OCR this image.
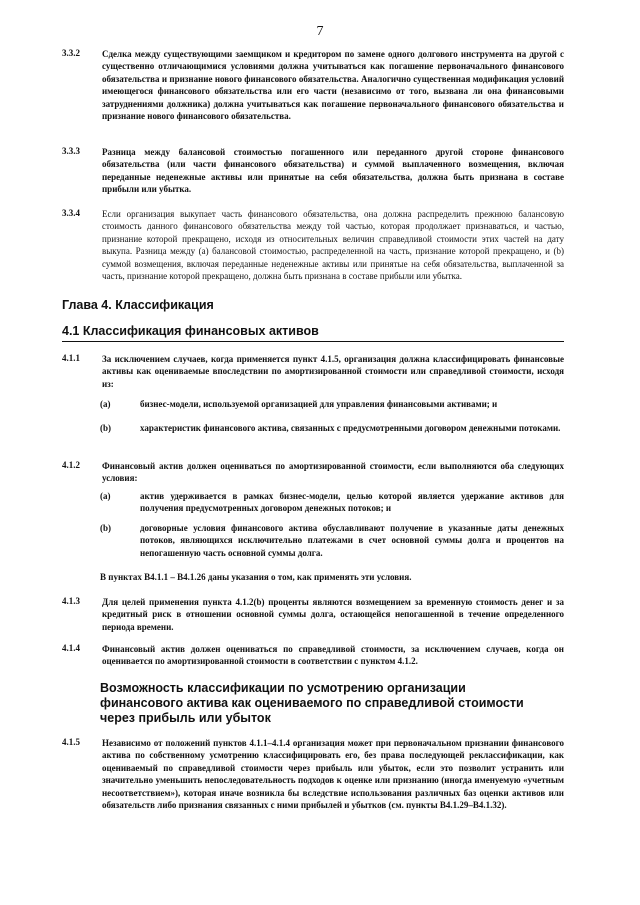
7
3.3.2 Сделка между существующими заемщиком и кредитором по замене одного долгового инструмента на другой с существенно отличающимися условиями должна учитываться как погашение первоначального финансового обязательства и признание нового финансового обязательства. Аналогично существенная модификация условий имеющегося финансового обязательства или его части (независимо от того, вызвана ли она финансовыми затруднениями должника) должна учитываться как погашение первоначального финансового обязательства и признание нового финансового обязательства.
3.3.3 Разница между балансовой стоимостью погашенного или переданного другой стороне финансового обязательства (или части финансового обязательства) и суммой выплаченного возмещения, включая переданные неденежные активы или принятые на себя обязательства, должна быть признана в составе прибыли или убытка.
3.3.4 Если организация выкупает часть финансового обязательства, она должна распределить прежнюю балансовую стоимость данного финансового обязательства между той частью, которая продолжает признаваться, и частью, признание которой прекращено, исходя из относительных величин справедливой стоимости этих частей на дату выкупа. Разница между (a) балансовой стоимостью, распределенной на часть, признание которой прекращено, и (b) суммой возмещения, включая переданные неденежные активы или принятые на себя обязательства, выплаченной за часть, признание которой прекращено, должна быть признана в составе прибыли или убытка.
Глава 4. Классификация
4.1 Классификация финансовых активов
4.1.1 За исключением случаев, когда применяется пункт 4.1.5, организация должна классифицировать финансовые активы как оцениваемые впоследствии по амортизированной стоимости или справедливой стоимости, исходя из:
(a)	бизнес-модели, используемой организацией для управления финансовыми активами; и
(b)	характеристик финансового актива, связанных с предусмотренными договором денежными потоками.
4.1.2 Финансовый актив должен оцениваться по амортизированной стоимости, если выполняются оба следующих условия:
(a)	актив удерживается в рамках бизнес-модели, целью которой является удержание активов для получения предусмотренных договором денежных потоков; и
(b)	договорные условия финансового актива обуславливают получение в указанные даты денежных потоков, являющихся исключительно платежами в счет основной суммы долга и процентов на непогашенную часть основной суммы долга.
В пунктах В4.1.1 – В4.1.26 даны указания о том, как применять эти условия.
4.1.3 Для целей применения пункта 4.1.2(b) проценты являются возмещением за временную стоимость денег и за кредитный риск в отношении основной суммы долга, остающейся непогашенной в течение определенного периода времени.
4.1.4 Финансовый актив должен оцениваться по справедливой стоимости, за исключением случаев, когда он оценивается по амортизированной стоимости в соответствии с пунктом 4.1.2.
Возможность классификации по усмотрению организации финансового актива как оцениваемого по справедливой стоимости через прибыль или убыток
4.1.5 Независимо от положений пунктов 4.1.1–4.1.4 организация может при первоначальном признании финансового актива по собственному усмотрению классифицировать его, без права последующей реклассификации, как оцениваемый по справедливой стоимости через прибыль или убыток, если это позволит устранить или значительно уменьшить непоследовательность подходов к оценке или признанию (иногда именуемую «учетным несоответствием»), которая иначе возникла бы вследствие использования различных баз оценки активов или обязательств либо признания связанных с ними прибылей и убытков (см. пункты В4.1.29–В4.1.32).
